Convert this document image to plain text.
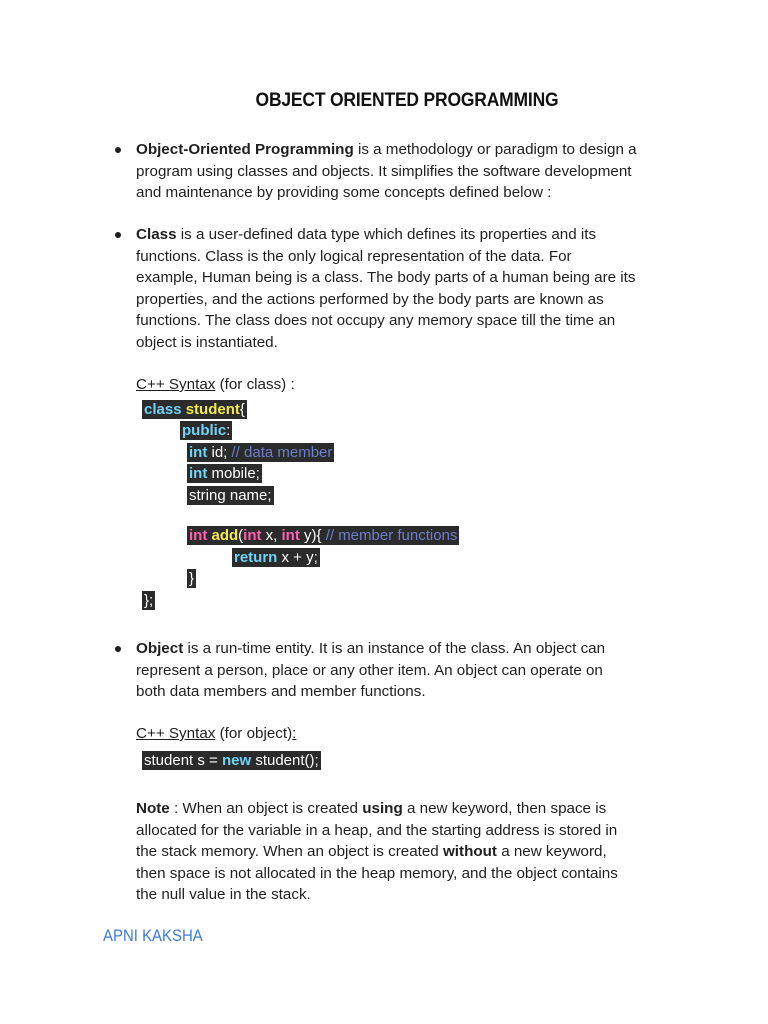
OBJECT ORIENTED PROGRAMMING
Object-Oriented Programming is a methodology or paradigm to design a
program using classes and objects. It simplifies the software development
and maintenance by providing some concepts defined below :
Class is a user-defined data type which defines its properties and its
functions. Class is the only logical representation of the data. For
example, Human being is a class. The body parts of a human being are its
properties, and the actions performed by the body parts are known as
functions. The class does not occupy any memory space till the time an
object is instantiated.
C++ Syntax (for class) :
class student{
public:
int id; // data member
int mobile;
string name;
int add(int x, int y){ // member functions
return x + y;
}
};
Object is a run-time entity. It is an instance of the class. An object can
represent a person, place or any other item. An object can operate on
both data members and member functions.
C++ Syntax (for object):
student s = new student();
Note : When an object is created using a new keyword, then space is
allocated for the variable in a heap, and the starting address is stored in
the stack memory. When an object is created without a new keyword,
then space is not allocated in the heap memory, and the object contains
the null value in the stack.
APNI KAKSHA
